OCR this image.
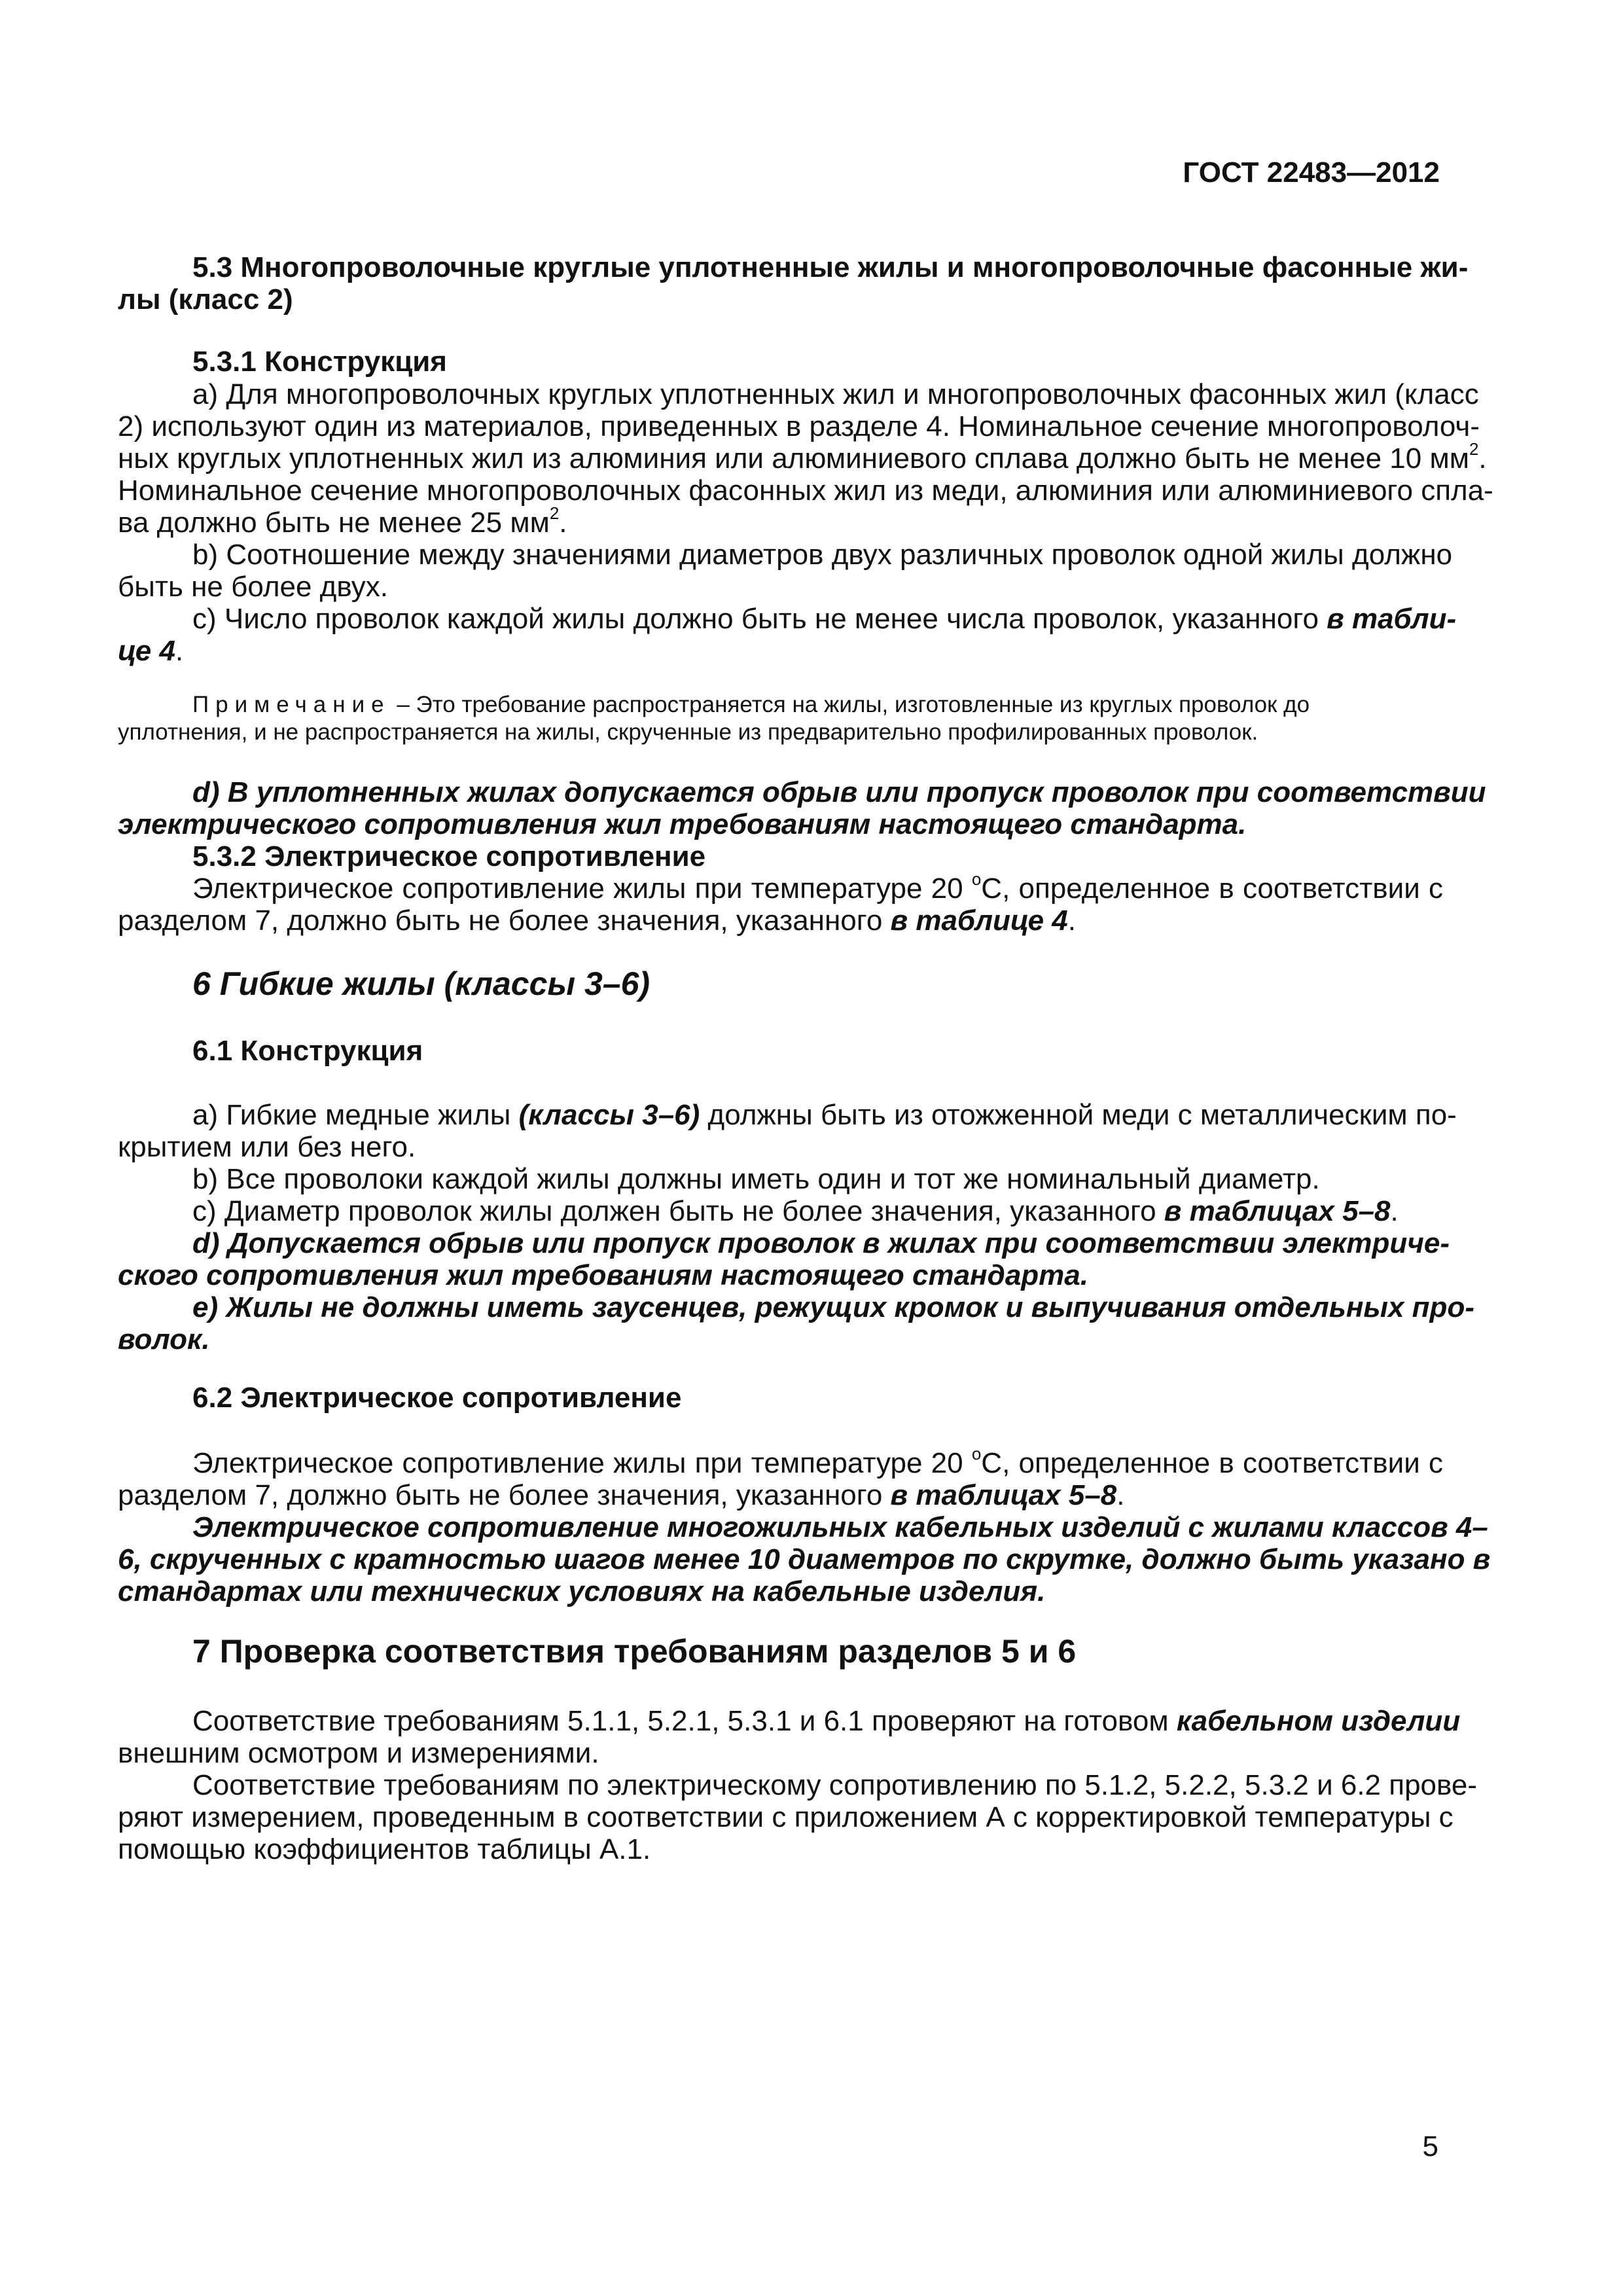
ГОСТ 22483—2012
5.3 Многопроволочные круглые уплотненные жилы и многопроволочные фасонные жи-
лы (класс 2)
5.3.1 Конструкция
а) Для многопроволочных круглых уплотненных жил и многопроволочных фасонных жил (класс
2) используют один из материалов, приведенных в разделе 4. Номинальное сечение многопроволоч-
ных круглых уплотненных жил из алюминия или алюминиевого сплава должно быть не менее 10 $мм^2$.
Номинальное сечение многопроволочных фасонных жил из меди, алюминия или алюминиевого спла-
ва должно быть не менее 25 $мм^2$.
b) Соотношение между значениями диаметров двух различных проволок одной жилы должно
быть не более двух.
с) Число проволок каждой жилы должно быть не менее числа проволок, указанного в табли-
це 4.
Примечание – Это требование распространяется на жилы, изготовленные из круглых проволок до
уплотнения, и не распространяется на жилы, скрученные из предварительно профилированных проволок.
d) В уплотненных жилах допускается обрыв или пропуск проволок при соответствии
электрического сопротивления жил требованиям настоящего стандарта.
5.3.2 Электрическое сопротивление
Электрическое сопротивление жилы при температуре 20 $^о$С, определенное в соответствии с
разделом 7, должно быть не более значения, указанного в таблице 4.
6 Гибкие жилы (классы 3–6)
6.1 Конструкция
а) Гибкие медные жилы (классы 3–6) должны быть из отожженной меди с металлическим по-
крытием или без него.
b) Все проволоки каждой жилы должны иметь один и тот же номинальный диаметр.
с) Диаметр проволок жилы должен быть не более значения, указанного в таблицах 5–8.
d) Допускается обрыв или пропуск проволок в жилах при соответствии электриче-
ского сопротивления жил требованиям настоящего стандарта.
е) Жилы не должны иметь заусенцев, режущих кромок и выпучивания отдельных про-
волок.
6.2 Электрическое сопротивление
Электрическое сопротивление жилы при температуре 20 $^о$С, определенное в соответствии с
разделом 7, должно быть не более значения, указанного в таблицах 5–8.
Электрическое сопротивление многожильных кабельных изделий с жилами классов 4–
6, скрученных с кратностью шагов менее 10 диаметров по скрутке, должно быть указано в
стандартах или технических условиях на кабельные изделия.
7 Проверка соответствия требованиям разделов 5 и 6
Соответствие требованиям 5.1.1, 5.2.1, 5.3.1 и 6.1 проверяют на готовом кабельном изделии
внешним осмотром и измерениями.
Соответствие требованиям по электрическому сопротивлению по 5.1.2, 5.2.2, 5.3.2 и 6.2 прове-
ряют измерением, проведенным в соответствии с приложением А с корректировкой температуры с
помощью коэффициентов таблицы А.1.
5
